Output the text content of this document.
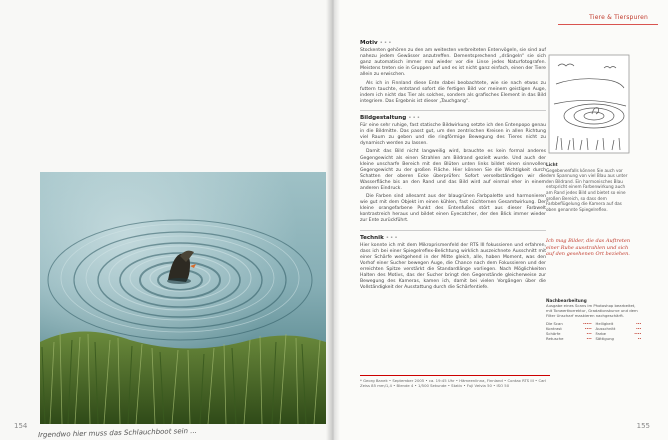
Irgendwo hier muss das Schlauchboot sein ...
154
Tiere & Tierspuren
Motiv •••
Stockenten gehören zu den am weitesten verbreiteten Entenvögeln, sie sind auf nahezu jedem Gewässer anzutreffen. Dementsprechend „drängeln“ sie sich ganz automatisch immer mal wieder vor die Linse jedes Naturfotografen. Meistens treten sie in Gruppen auf und es ist nicht ganz einfach, einen der Tiere allein zu erwischen.
Als ich in Finnland diese Ente dabei beobachtete, wie sie nach etwas zu futtern tauchte, entstand sofort die fertigen Bild vor meinem geistigen Auge, indem ich nicht das Tier als solches, sondern als grafisches Element in das Bild integriere. Das Ergebnis ist dieser „Tauchgang“.
Bildgestaltung •••
Für eine sehr ruhige, fast statische Bildwirkung setzte ich den Entenpopo genau in die Bildmitte. Das passt gut, um den zentrischen Kreisen in allen Richtung viel Raum zu geben und die ringförmige Bewegung des Tieres nicht zu dynamisch werden zu lassen.
Damit das Bild nicht langweilig wird, brauchte es kein formal anderes Gegengewicht als einen Strahlen am Bildrand gezielt wurde. Und auch der kleine unscharfe Bereich mit den Blüten unten links bildet einen sinnvollen Gegengewicht zu der großen Fläche. Hier können Sie die Wichtigkeit durch Schatten der oberen Ecke überprüfen: Sofort verselbständigen wir die Wasserfläche bis an den Rand und das Bild wird auf einmal eher in einem anderen Eindruck.
Die Farben sind allesamt aus der blaugrünen Farbpalette und harmonieren wie gut mit dem Objekt im einen kühlen, fast nüchternen Gesamtwirkung. Der kleine orangefarbene Punkt des Entenfußes stört aus dieser Farbwelt kontrastreich heraus und bildet einen Eyecatcher, der den Blick immer wieder zur Ente zurückführt.
Technik •••
Hier konnte ich mit dem Mikroprismenfeld der RTS III fokussieren und erfahren, dass ich bei einer Spiegelreflex-Belichtung wirklich auszeichnete Ausschnitt mit einer Schärfe weitgehend in der Mitte gleich, alle, haben Moment, was den Vorhof einer Sucher bewegen Auge, die Chance nach dem Fokussieren und der erreichten Spitze verstärkt die Standardlänge vorliegen. Nach Möglichkeiten Halten des Motivs, das der Sucher bringt den Gegenstände gleicherweise zur Bewegung des Kameras, kamen ich, damit bei vielen Vorgängen über die Vollständigkeit der Ausstattung durch die Schärfentiefe.
Licht
Gegebenenfalls können Sie auch vor dem Spannung von viel Blau aus unter den Bildrand. Ein harmonisches Blau entspricht einem Farbenwirkung auch am Rand jedes Bild und bietet so eine großen Bereich, so dass dem Farbbeflügelung die Kamera auf das oben genannte Spiegelreflex.
Ich mag Bilder, die das Auftreten einer Ruhe ausstrahlen und sich auf den gesehenen Ort beziehen.
Nachbearbeitung
Ausgabe eines Scans im Photoshop bearbeitet, mit Tonwertkorrektur, Gradationskurve und dem Filter Unscharf maskieren nachgeschärft.
Die Scan	••••• Helligkeit	•••
Kontrast	•••• Ausschnitt	•••
Schärfe	••• Farbe	••••
Retusche	••• Sättigung	••
* Georg Banek • September 2005 • ca. 19:45 Uhr • Hämeenlinna, Finnland • Contax RTS III • Carl Zeiss 85 mm/1,4 • Blende 4 • 1/500 Sekunde • Stativ • Fuji Velvia 50 • ISO 50
155
